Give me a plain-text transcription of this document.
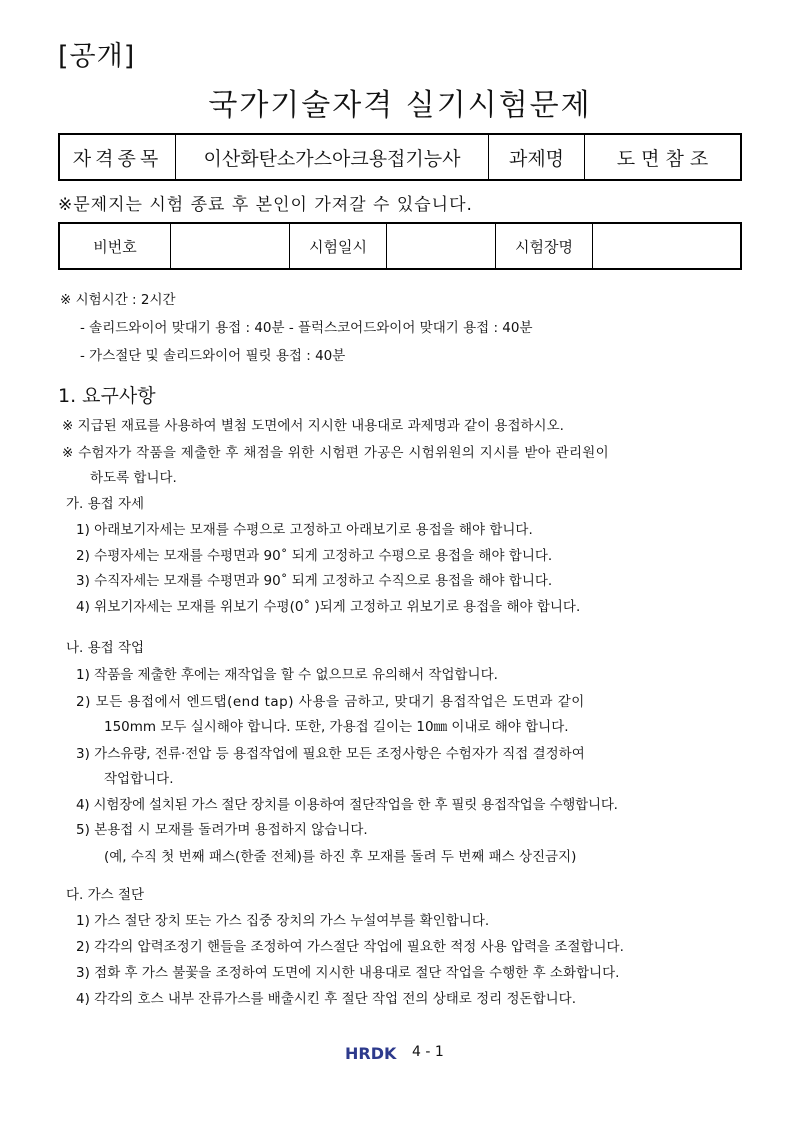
[공개]
국가기술자격 실기시험문제
자격종목	이산화탄소가스아크용접기능사	과제명	도 면 참 조
※문제지는 시험 종료 후 본인이 가져갈 수 있습니다.
비번호		시험일시		시험장명	
※ 시험시간 : 2시간
- 솔리드와이어 맞대기 용접 : 40분 - 플럭스코어드와이어 맞대기 용접 : 40분
- 가스절단 및 솔리드와이어 필릿 용접 : 40분
1. 요구사항
※ 지급된 재료를 사용하여 별첨 도면에서 지시한 내용대로 과제명과 같이 용접하시오.
※ 수험자가 작품을 제출한 후 채점을 위한 시험편 가공은 시험위원의 지시를 받아 관리원이
하도록 합니다.
가. 용접 자세
1) 아래보기자세는 모재를 수평으로 고정하고 아래보기로 용접을 해야 합니다.
2) 수평자세는 모재를 수평면과 90˚ 되게 고정하고 수평으로 용접을 해야 합니다.
3) 수직자세는 모재를 수평면과 90˚ 되게 고정하고 수직으로 용접을 해야 합니다.
4) 위보기자세는 모재를 위보기 수평(0˚ )되게 고정하고 위보기로 용접을 해야 합니다.
나. 용접 작업
1) 작품을 제출한 후에는 재작업을 할 수 없으므로 유의해서 작업합니다.
2) 모든 용접에서 엔드탭(end tap) 사용을 금하고, 맞대기 용접작업은 도면과 같이
150mm 모두 실시해야 합니다. 또한, 가용접 길이는 10㎜ 이내로 해야 합니다.
3) 가스유량, 전류·전압 등 용접작업에 필요한 모든 조정사항은 수험자가 직접 결정하여
작업합니다.
4) 시험장에 설치된 가스 절단 장치를 이용하여 절단작업을 한 후 필릿 용접작업을 수행합니다.
5) 본용접 시 모재를 돌려가며 용접하지 않습니다.
(예, 수직 첫 번째 패스(한줄 전체)를 하진 후 모재를 돌려 두 번째 패스 상진금지)
다. 가스 절단
1) 가스 절단 장치 또는 가스 집중 장치의 가스 누설여부를 확인합니다.
2) 각각의 압력조정기 핸들을 조정하여 가스절단 작업에 필요한 적정 사용 압력을 조절합니다.
3) 점화 후 가스 불꽃을 조정하여 도면에 지시한 내용대로 절단 작업을 수행한 후 소화합니다.
4) 각각의 호스 내부 잔류가스를 배출시킨 후 절단 작업 전의 상태로 정리 정돈합니다.
HRDK 4 - 1
